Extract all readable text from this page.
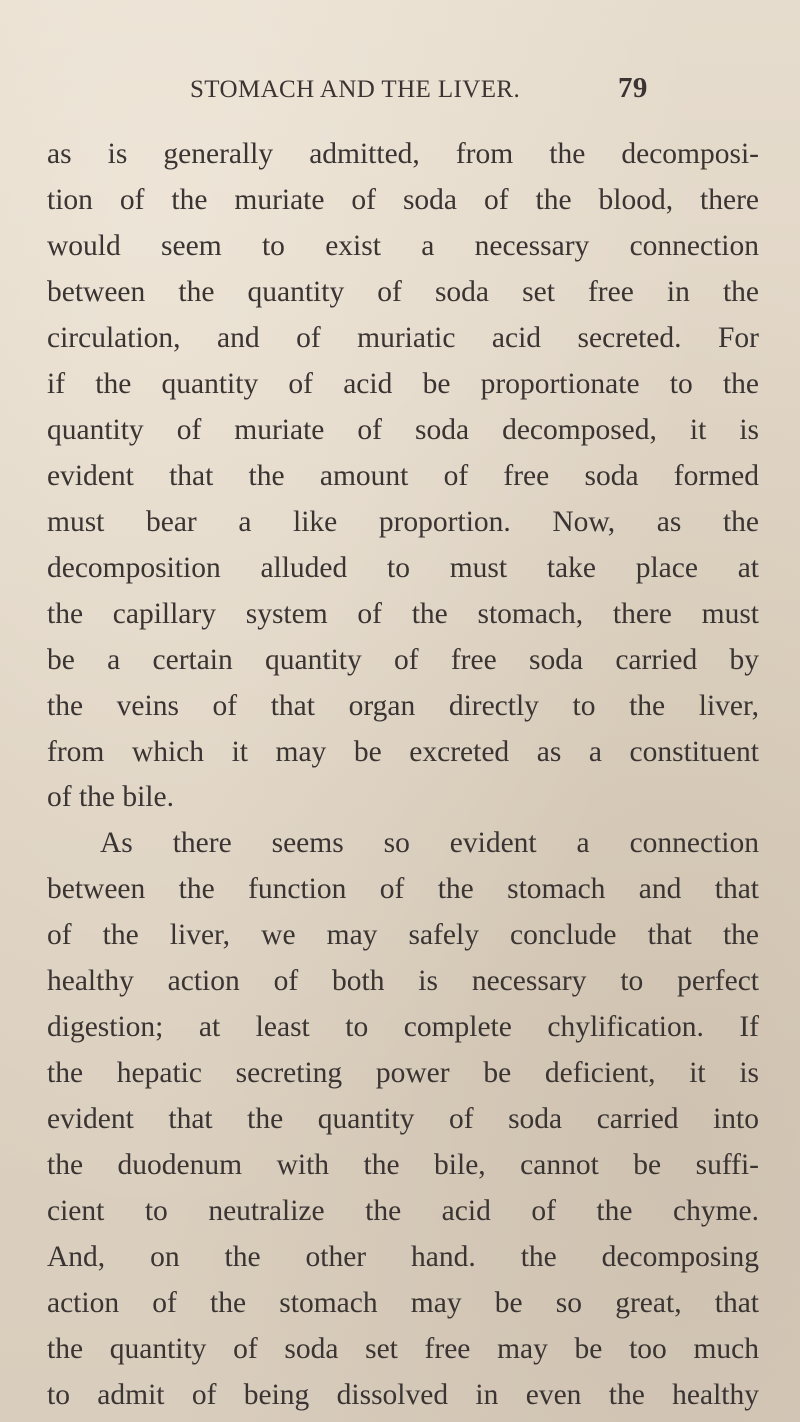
STOMACH AND THE LIVER.	79
as is generally admitted, from the decomposi-
tion of the muriate of soda of the blood, there
would seem to exist a necessary connection
between the quantity of soda set free in the
circulation, and of muriatic acid secreted. For
if the quantity of acid be proportionate to the
quantity of muriate of soda decomposed, it is
evident that the amount of free soda formed
must bear a like proportion. Now, as the
decomposition alluded to must take place at
the capillary system of the stomach, there must
be a certain quantity of free soda carried by
the veins of that organ directly to the liver,
from which it may be excreted as a constituent
of the bile.
As there seems so evident a connection
between the function of the stomach and that
of the liver, we may safely conclude that the
healthy action of both is necessary to perfect
digestion; at least to complete chylification. If
the hepatic secreting power be deficient, it is
evident that the quantity of soda carried into
the duodenum with the bile, cannot be suffi-
cient to neutralize the acid of the chyme.
And, on the other hand. the decomposing
action of the stomach may be so great, that
the quantity of soda set free may be too much
to admit of being dissolved in even the healthy
